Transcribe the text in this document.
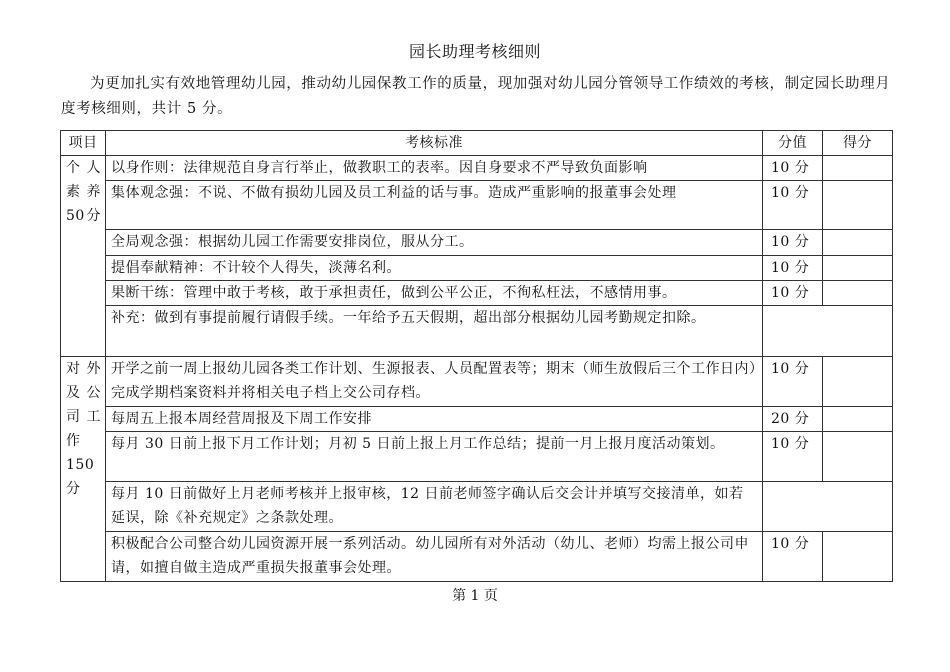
园长助理考核细则
为更加扎实有效地管理幼儿园，推动幼儿园保教工作的质量，现加强对幼儿园分管领导工作绩效的考核，制定园长助理月度考核细则，共计 5 分。
项目	考核标准	分值	得分
个 人 素 养 50分	以身作则：法律规范自身言行举止，做教职工的表率。因自身要求不严导致负面影响	10 分	
	集体观念强：不说、不做有损幼儿园及员工利益的话与事。造成严重影响的报董事会处理	10 分	
	全局观念强：根据幼儿园工作需要安排岗位，服从分工。	10 分	
	提倡奉献精神：不计较个人得失，淡薄名利。	10 分	
	果断干练：管理中敢于考核，敢于承担责任，做到公平公正，不徇私枉法，不感情用事。	10 分	
	补充：做到有事提前履行请假手续。一年给予五天假期，超出部分根据幼儿园考勤规定扣除。		
对 外 及 公 司 工 作 150 分	开学之前一周上报幼儿园各类工作计划、生源报表、人员配置表等；期末（师生放假后三个工作日内）完成学期档案资料并将相关电子档上交公司存档。	10 分	
	每周五上报本周经营周报及下周工作安排	20 分	
	每月 30 日前上报下月工作计划；月初 5 日前上报上月工作总结；提前一月上报月度活动策划。	10 分	
	每月 10 日前做好上月老师考核并上报审核，12 日前老师签字确认后交会计并填写交接清单，如若延误，除《补充规定》之条款处理。		
	积极配合公司整合幼儿园资源开展一系列活动。幼儿园所有对外活动（幼儿、老师）均需上报公司申请，如擅自做主造成严重损失报董事会处理。	10 分	
第 1 页
